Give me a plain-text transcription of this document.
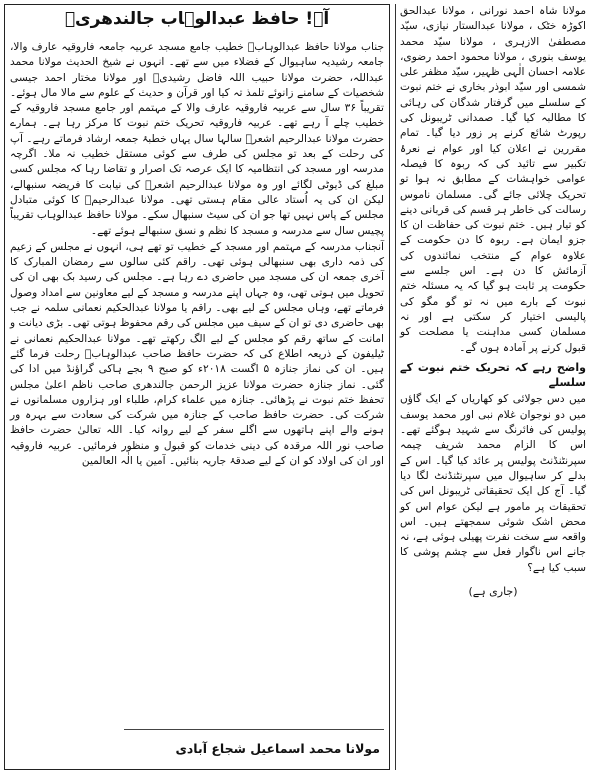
مولانا شاہ احمد نورانی ، مولانا عبدالحق اکوڑہ خٹک ، مولانا عبدالستار نیازی، سیّد مصطفیٰ الازہری ، مولانا سیّد محمد یوسف بنوری ، مولانا محمود احمد رضوی، علامہ احسان الٰہی ظہیر، سیّد مظفر علی شمسی اور سیّد ابوذر بخاری نے ختم نبوت کے سلسلے میں گرفتار شدگان کی رہائی کا مطالبہ کیا گیا۔ صمدانی ٹریبونل کی رپورٹ شائع کرنے پر زور دیا گیا۔ تمام مقررین نے اعلان کیا اور عوام نے نعرۂ تکبیر سے تائید کی کہ ربوہ کا فیصلہ عوامی خواہشات کے مطابق نہ ہوا تو تحریک چلائی جائے گی۔ مسلمان ناموس رسالت کی خاطر ہر قسم کی قربانی دینے کو تیار ہیں۔ ختم نبوت کی حفاظت ان کا جزو ایمان ہے۔ ربوہ کا دن حکومت کے علاوہ عوام کے منتخب نمائندوں کی آزمائش کا دن ہے۔ اس جلسے سے حکومت پر ثابت ہو گیا کہ یہ مسئلہ ختم نبوت کے بارے میں نہ تو گو مگو کی پالیسی اختیار کر سکتی ہے اور نہ مسلمان کسی مداہنت یا مصلحت کو قبول کرنے پر آمادہ ہوں گے۔

واضح رہے کہ تحریک ختم نبوت کے سلسلے

میں دس جولائی کو کھاریاں کے ایک گاؤں میں دو نوجوان غلام نبی اور محمد یوسف پولیس کی فائرنگ سے شہید ہوگئے تھے۔ اس کا الزام محمد شریف چیمہ سپرنٹنڈنٹ پولیس پر عائد کیا گیا۔ اس کے بدلے کر ساہیوال میں سپرنٹنڈنٹ لگا دیا گیا۔ آج کل ایک تحقیقاتی ٹریبونل اس کی تحقیقات پر مامور ہے لیکن عوام اس کو محض اشک شوئی سمجھتے ہیں۔ اس واقعہ سے سخت نفرت پھیلی ہوئی ہے، نہ جانے اس ناگوار فعل سے چشم پوشی کا سبب کیا ہے؟

(جاری ہے)

آہ! حافظ عبدالوہاب جالندھریؒ

جناب مولانا حافظ عبدالوہابؒ خطیب جامع مسجد عربیہ جامعہ فاروقیہ عارف والا، جامعہ رشیدیہ ساہیوال کے فضلاء میں سے تھے۔ انہوں نے شیخ الحدیث مولانا محمد عبداللہ، حضرت مولانا حبیب اللہ فاضل رشیدیؒ اور مولانا مختار احمد جیسی شخصیات کے سامنے زانوئے تلمذ تہ کیا اور قرآن و حدیث کے علوم سے مالا مال ہوئے۔ تقریباً ۳۶ سال سے عربیہ فاروقیہ عارف والا کے مہتمم اور جامع مسجد فاروقیہ کے خطیب چلے آ رہے تھے۔ عربیہ فاروقیہ تحریک ختم نبوت کا مرکز رہا ہے۔ ہمارے حضرت مولانا عبدالرحیم اشعرؒ سالہا سال یہاں خطبۂ جمعہ ارشاد فرماتے رہے۔ آپ کی رحلت کے بعد تو مجلس کی طرف سے کوئی مستقل خطیب نہ ملا۔ اگرچہ مدرسہ اور مسجد کی انتظامیہ کا ایک عرصہ تک اصرار و تقاضا رہا کہ مجلس کسی مبلغ کی ڈیوٹی لگائے اور وہ مولانا عبدالرحیم اشعرؒ کی نیابت کا فریضہ سنبھالے، لیکن ان کی یہ اُستاد عالی مقام ہستی تھی۔ مولانا عبدالرحیمؒ کا کوئی متبادل مجلس کے پاس نہیں تھا جو ان کی سیٹ سنبھال سکے۔ مولانا حافظ عبدالوہاب تقریباً پچیس سال سے مدرسہ و مسجد کا نظم و نسق سنبھالے ہوئے تھے۔

آنجناب مدرسہ کے مہتمم اور مسجد کے خطیب تو تھے ہی، انہوں نے مجلس کے زعیم کی ذمہ داری بھی سنبھالی ہوئی تھی۔ راقم کئی سالوں سے رمضان المبارک کا آخری جمعہ ان کی مسجد میں حاضری دے رہا ہے۔ مجلس کی رسید بک بھی ان کی تحویل میں ہوتی تھی، وہ جہاں اپنے مدرسہ و مسجد کے لیے معاونین سے امداد وصول فرماتے تھے، وہاں مجلس کے لیے بھی۔ راقم یا مولانا عبدالحکیم نعمانی سلمہ نے جب بھی حاضری دی تو ان کے سیف میں مجلس کی رقم محفوظ ہوتی تھی۔ بڑی دیانت و امانت کے ساتھ رقم کو مجلس کے لیے الگ رکھتے تھے۔ مولانا عبدالحکیم نعمانی نے ٹیلیفون کے ذریعہ اطلاع کی کہ حضرت حافظ صاحب عبدالوہابؒ رحلت فرما گئے ہیں۔ ان کی نماز جنازہ ۵ اگست ۲۰۱۸ء کو صبح ۹ بجے ہاکی گراؤنڈ میں ادا کی گئی۔ نماز جنازہ حضرت مولانا عزیز الرحمن جالندھری صاحب ناظم اعلیٰ مجلس تحفظ ختم نبوت نے پڑھائی۔ جنازہ میں علماء کرام، طلباء اور ہزاروں مسلمانوں نے شرکت کی۔ حضرت حافظ صاحب کے جنازہ میں شرکت کی سعادت سے بہرہ ور ہونے والے اپنے ہاتھوں سے اگلے سفر کے لیے روانہ کیا۔ اللہ تعالیٰ حضرت حافظ صاحب نور اللہ مرقدہ کی دینی خدمات کو قبول و منظور فرمائیں۔ عربیہ فاروقیہ اور ان کی اولاد کو ان کے لیے صدقۂ جاریہ بنائیں۔ آمین یا الٰہ العالمین

مولانا محمد اسماعیل شجاع آبادی
